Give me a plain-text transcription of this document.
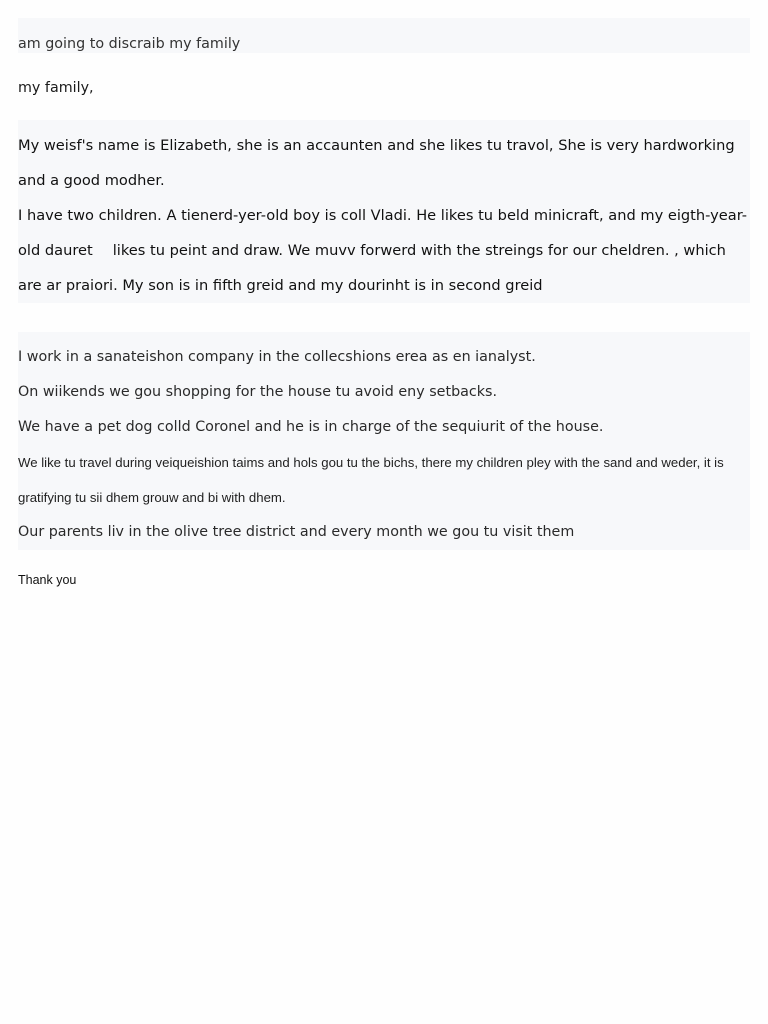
am going to discraib my family

my family,

My weisf's name is Elizabeth, she is an accaunten and she likes tu travol, She is very hardworking and a good modher.

I have two children. A tienerd-yer-old boy is coll Vladi. He likes tu beld minicraft, and my eigth-year-old dauret likes tu peint and draw. We muvv forwerd with the streings for our cheldren. , which are ar praiori. My son is in fifth greid and my dourinht is in second greid

I work in a sanateishon company in the collecshions erea as en ianalyst.

On wiikends we gou shopping for the house tu avoid eny setbacks.

We have a pet dog colld Coronel and he is in charge of the sequiurit of the house.

We like tu travel during veiqueishion taims and hols gou tu the bichs, there my children pley with the sand and weder, it is gratifying tu sii dhem grouw and bi with dhem.

Our parents liv in the olive tree district and every month we gou tu visit them

Thank you
